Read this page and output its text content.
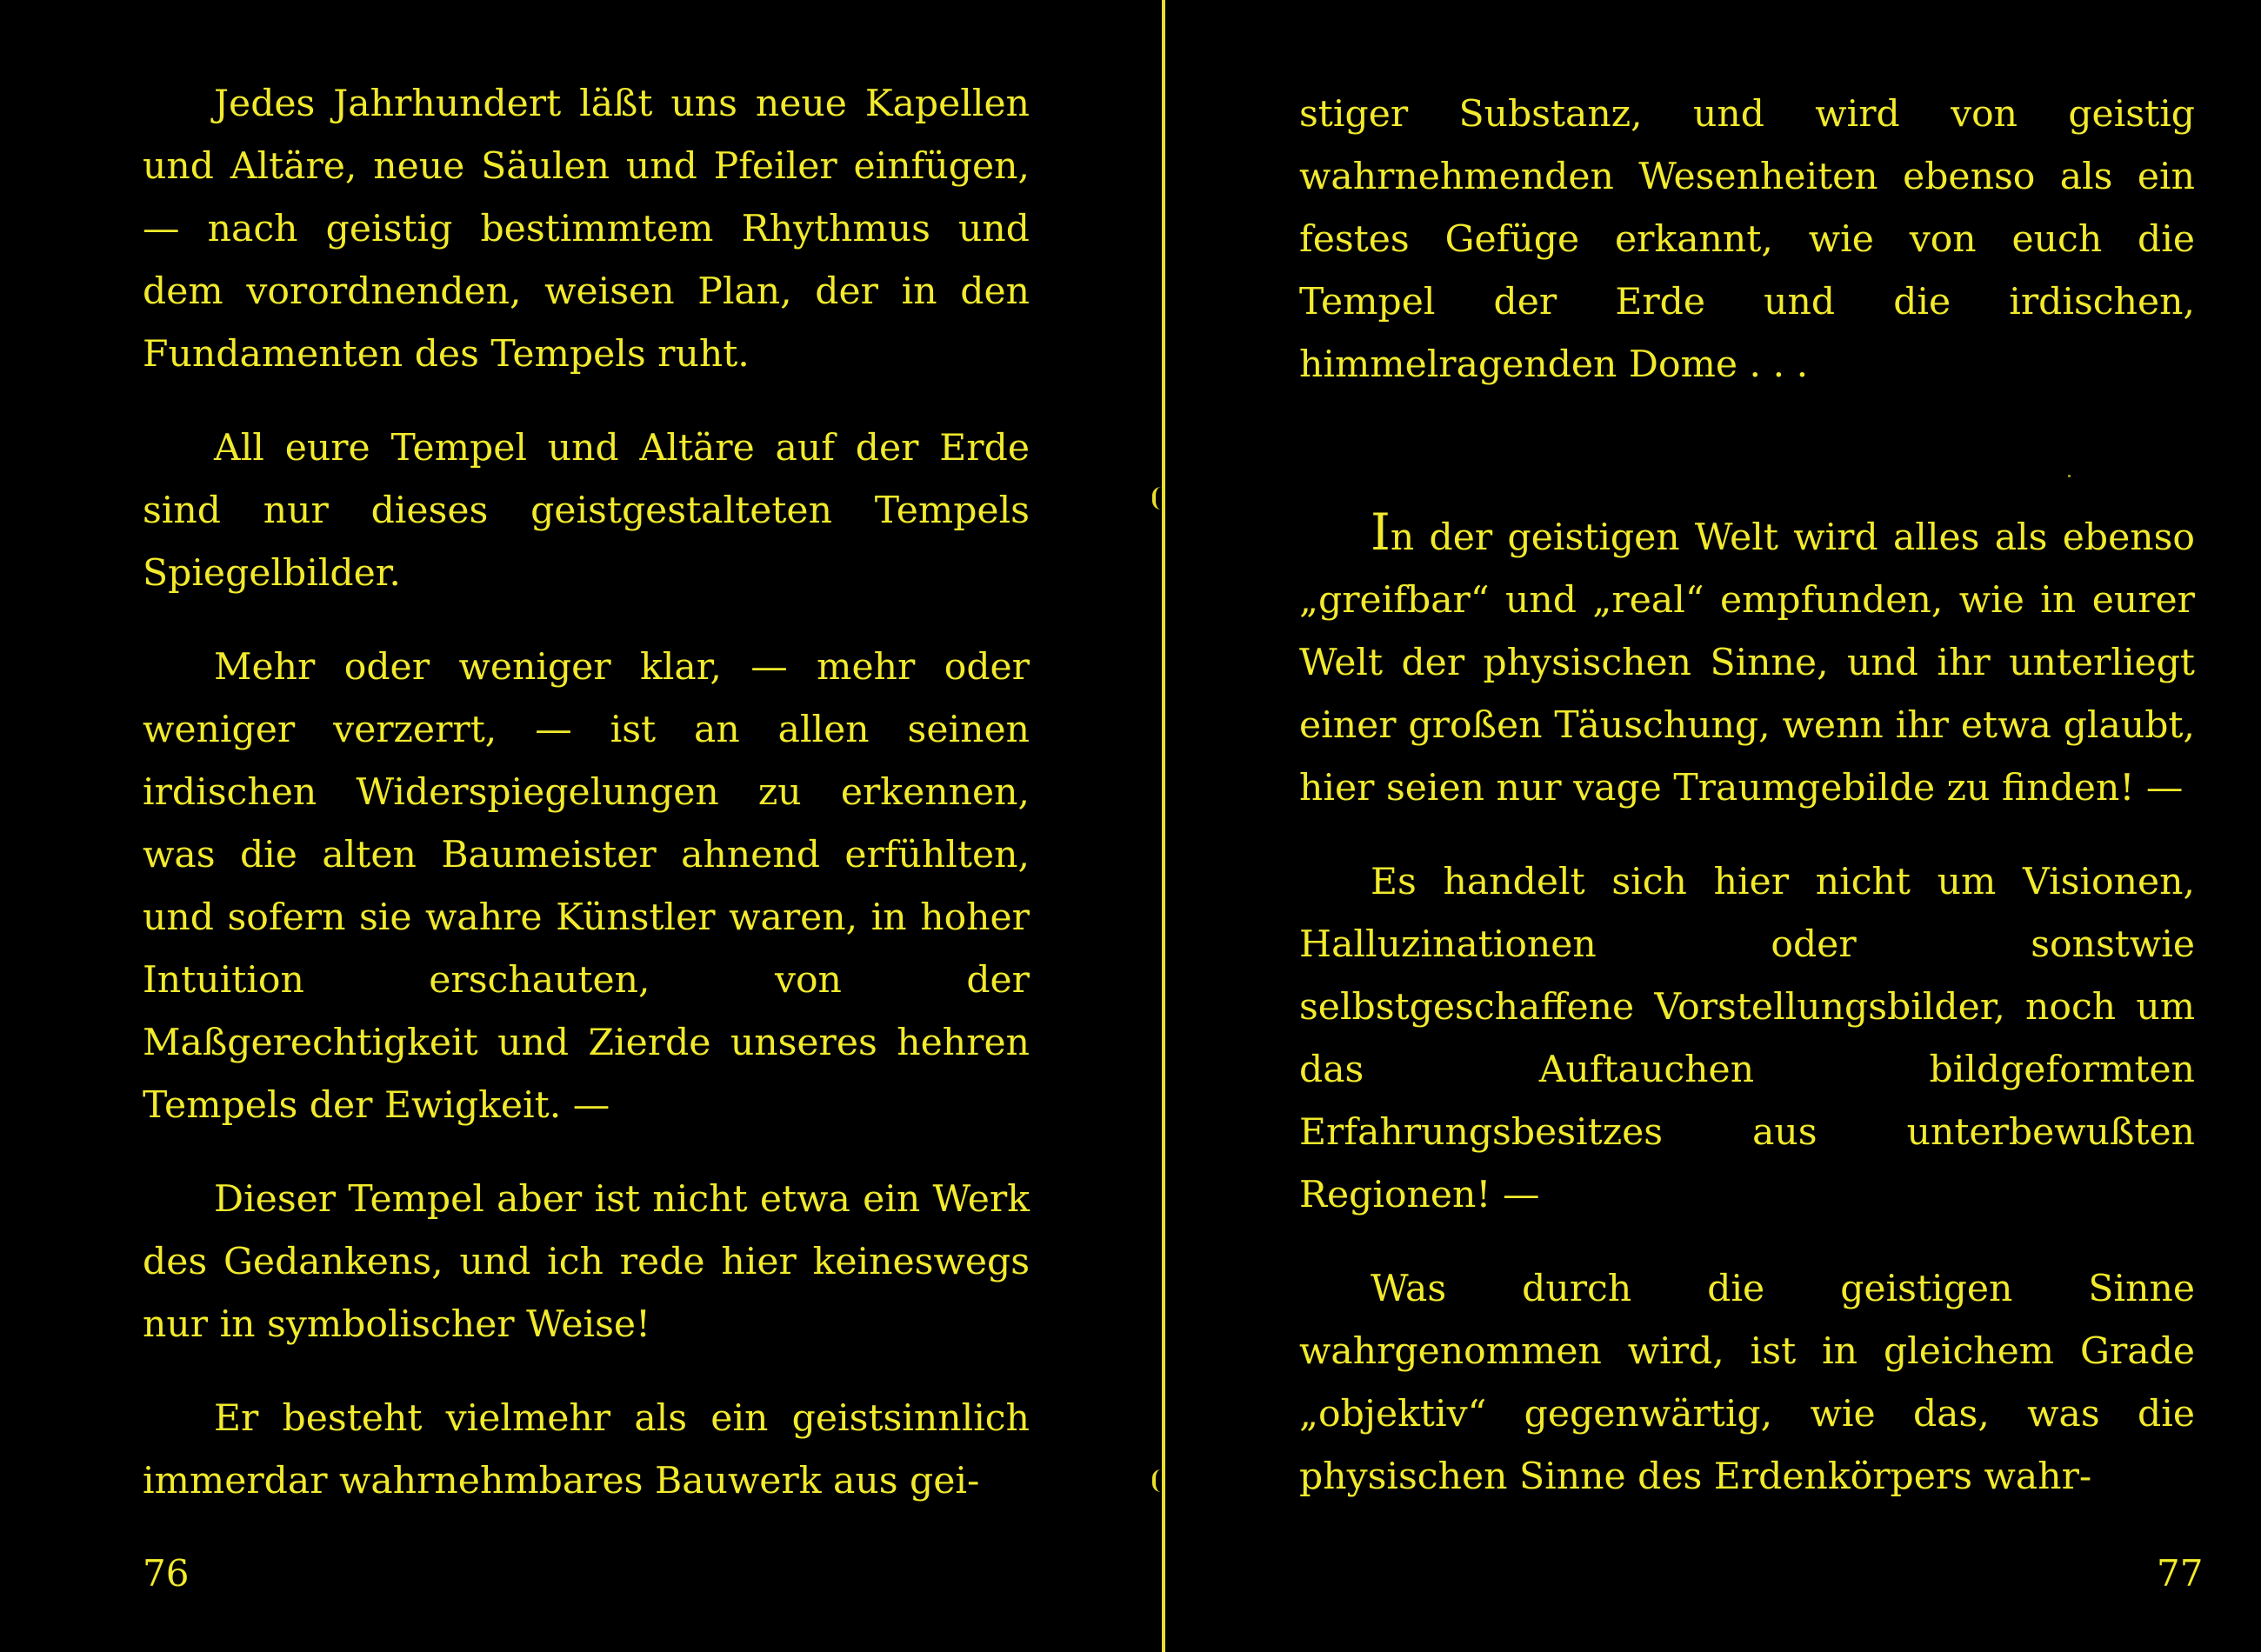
Jedes Jahrhundert läßt uns neue Kapellen und Altäre, neue Säulen und Pfeiler einfügen, — nach geistig bestimmtem Rhythmus und dem vorordnenden, weisen Plan, der in den Fundamenten des Tempels ruht.

All eure Tempel und Altäre auf der Erde sind nur dieses geistgestalteten Tempels Spiegelbilder.

Mehr oder weniger klar, — mehr oder weniger verzerrt, — ist an allen seinen irdischen Widerspiegelungen zu erkennen, was die alten Baumeister ahnend erfühlten, und sofern sie wahre Künstler waren, in hoher Intuition erschauten, von der Maßgerechtigkeit und Zierde unseres hehren Tempels der Ewigkeit. —

Dieser Tempel aber ist nicht etwa ein Werk des Gedankens, und ich rede hier keineswegs nur in symbolischer Weise!

Er besteht vielmehr als ein geistsinnlich immerdar wahrnehmbares Bauwerk aus gei-

76

stiger Substanz, und wird von geistig wahrnehmenden Wesenheiten ebenso als ein festes Gefüge erkannt, wie von euch die Tempel der Erde und die irdischen, himmelragenden Dome . . .

In der geistigen Welt wird alles als ebenso „greifbar“ und „real“ empfunden, wie in eurer Welt der physischen Sinne, und ihr unterliegt einer großen Täuschung, wenn ihr etwa glaubt, hier seien nur vage Traumgebilde zu finden! —

Es handelt sich hier nicht um Visionen, Halluzinationen oder sonstwie selbstgeschaffene Vorstellungsbilder, noch um das Auftauchen bildgeformten Erfahrungsbesitzes aus unterbewußten Regionen! —

Was durch die geistigen Sinne wahrgenommen wird, ist in gleichem Grade „objektiv“ gegenwärtig, wie das, was die physischen Sinne des Erdenkörpers wahr-

77
